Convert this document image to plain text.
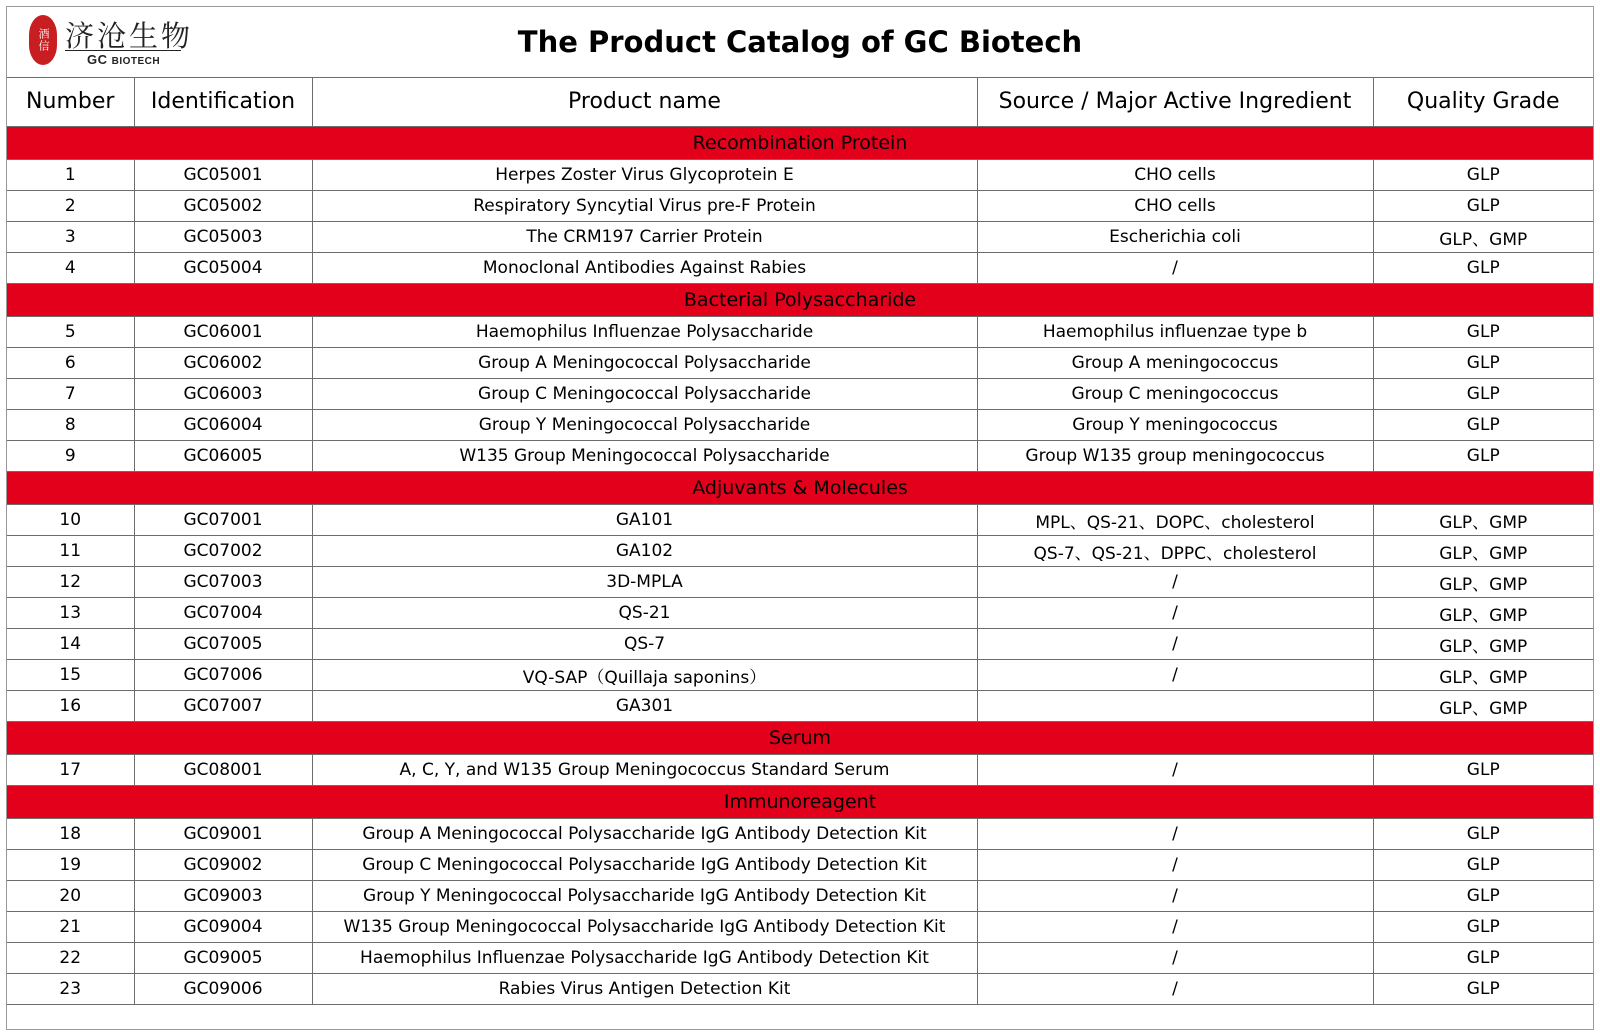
The Product Catalog of GC Biotech
酒信 济沧生物
GC BIOTECH
Number	Identification	Product name	Source / Major Active Ingredient	Quality Grade
Recombination Protein				
1	GC05001	Herpes Zoster Virus Glycoprotein E	CHO cells	GLP
2	GC05002	Respiratory Syncytial Virus pre-F Protein	CHO cells	GLP
3	GC05003	The CRM197 Carrier Protein	Escherichia coli	GLP、GMP
4	GC05004	Monoclonal Antibodies Against Rabies	/	GLP
Bacterial Polysaccharide				
5	GC06001	Haemophilus Influenzae Polysaccharide	Haemophilus influenzae type b	GLP
6	GC06002	Group A Meningococcal Polysaccharide	Group A meningococcus	GLP
7	GC06003	Group C Meningococcal Polysaccharide	Group C meningococcus	GLP
8	GC06004	Group Y Meningococcal Polysaccharide	Group Y meningococcus	GLP
9	GC06005	W135 Group Meningococcal Polysaccharide	Group W135 group meningococcus	GLP
Adjuvants & Molecules				
10	GC07001	GA101	MPL、QS-21、DOPC、cholesterol	GLP、GMP
11	GC07002	GA102	QS-7、QS-21、DPPC、cholesterol	GLP、GMP
12	GC07003	3D-MPLA	/	GLP、GMP
13	GC07004	QS-21	/	GLP、GMP
14	GC07005	QS-7	/	GLP、GMP
15	GC07006	VQ-SAP（Quillaja saponins）	/	GLP、GMP
16	GC07007	GA301		GLP、GMP
Serum				
17	GC08001	A, C, Y, and W135 Group Meningococcus Standard Serum	/	GLP
Immunoreagent				
18	GC09001	Group A Meningococcal Polysaccharide IgG Antibody Detection Kit	/	GLP
19	GC09002	Group C Meningococcal Polysaccharide IgG Antibody Detection Kit	/	GLP
20	GC09003	Group Y Meningococcal Polysaccharide IgG Antibody Detection Kit	/	GLP
21	GC09004	W135 Group Meningococcal Polysaccharide IgG Antibody Detection Kit	/	GLP
22	GC09005	Haemophilus Influenzae Polysaccharide IgG Antibody Detection Kit	/	GLP
23	GC09006	Rabies Virus Antigen Detection Kit	/	GLP
